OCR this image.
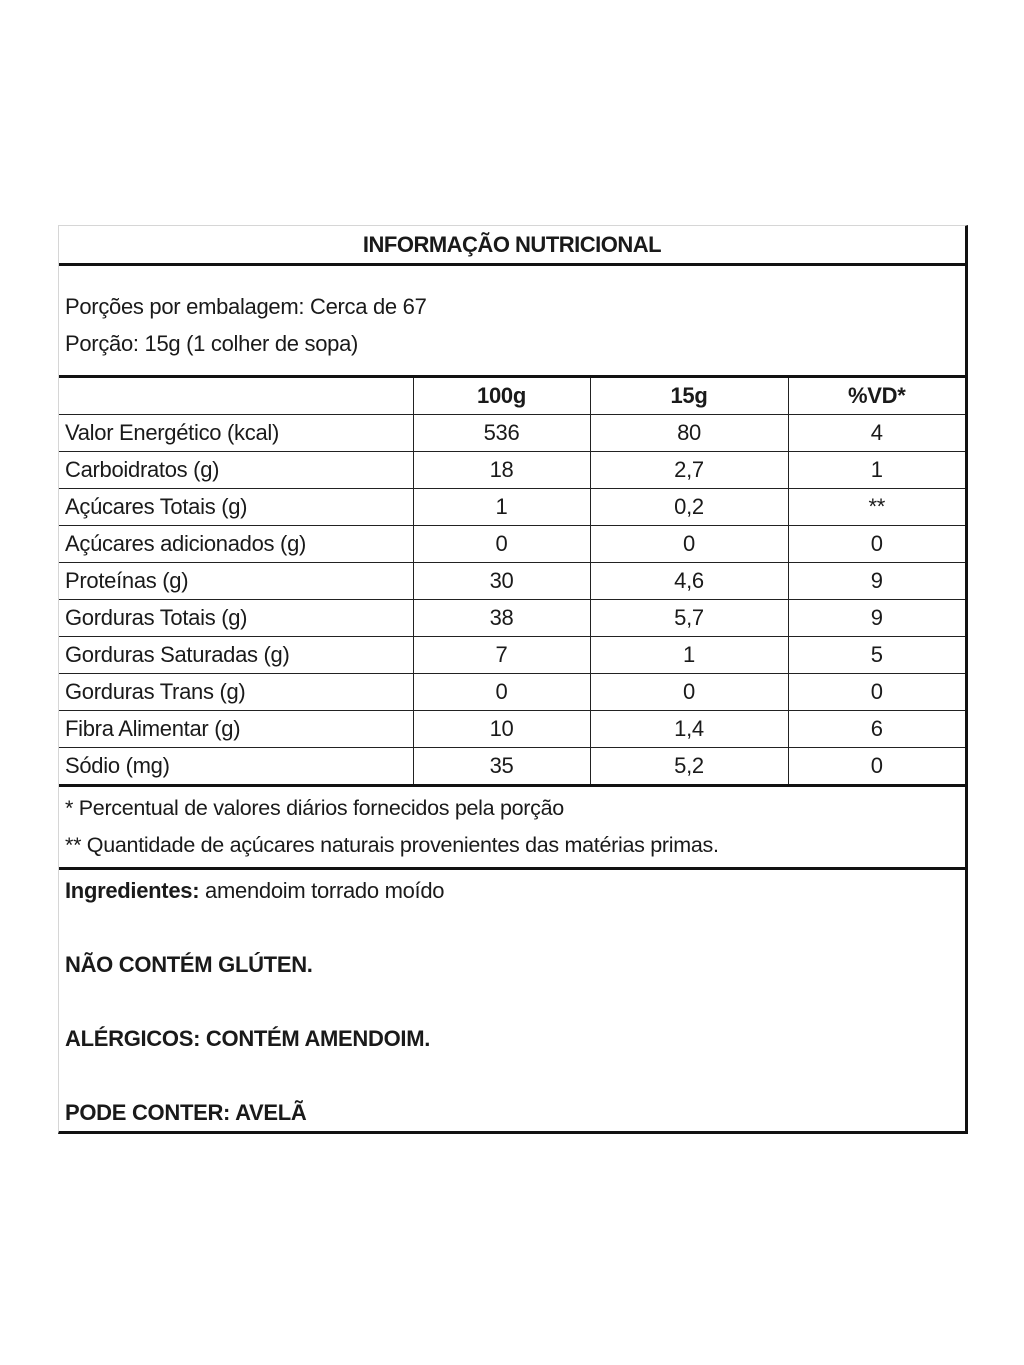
INFORMAÇÃO NUTRICIONAL
Porções por embalagem: Cerca de 67
Porção: 15g (1 colher de sopa)
	100g	15g	%VD*
Valor Energético (kcal)	536	80	4
Carboidratos (g)	18	2,7	1
Açúcares Totais (g)	1	0,2	**
Açúcares adicionados (g)	0	0	0
Proteínas (g)	30	4,6	9
Gorduras Totais (g)	38	5,7	9
Gorduras Saturadas (g)	7	1	5
Gorduras Trans (g)	0	0	0
Fibra Alimentar (g)	10	1,4	6
Sódio (mg)	35	5,2	0
* Percentual de valores diários fornecidos pela porção
** Quantidade de açúcares naturais provenientes das matérias primas.
Ingredientes: amendoim torrado moído
NÃO CONTÉM GLÚTEN.
ALÉRGICOS: CONTÉM AMENDOIM.
PODE CONTER: AVELÃ
